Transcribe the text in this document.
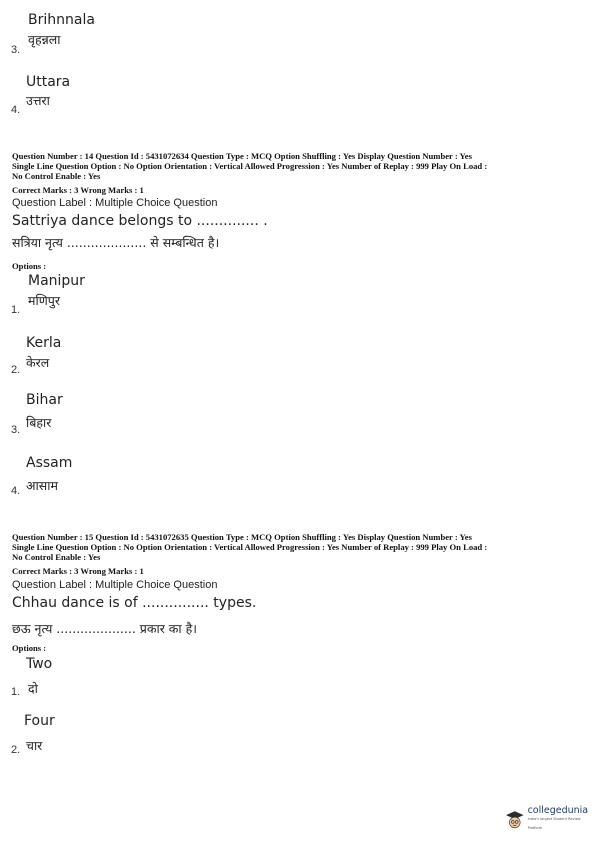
Brihnnala
वृहन्नला
3.
Uttara
उत्तरा
4.
Question Number : 14 Question Id : 5431072634 Question Type : MCQ Option Shuffling : Yes Display Question Number : Yes
Single Line Question Option : No Option Orientation : Vertical Allowed Progression : Yes Number of Replay : 999 Play On Load :
No Control Enable : Yes
Correct Marks : 3 Wrong Marks : 1
Question Label : Multiple Choice Question
Sattriya dance belongs to .............. .
सत्रिया नृत्य .................... से सम्बन्धित है।
Options :
Manipur
मणिपुर
1.
Kerla
केरल
2.
Bihar
बिहार
3.
Assam
आसाम
4.
Question Number : 15 Question Id : 5431072635 Question Type : MCQ Option Shuffling : Yes Display Question Number : Yes
Single Line Question Option : No Option Orientation : Vertical Allowed Progression : Yes Number of Replay : 999 Play On Load :
No Control Enable : Yes
Correct Marks : 3 Wrong Marks : 1
Question Label : Multiple Choice Question
Chhau dance is of ............... types.
छऊ नृत्य .................... प्रकार का है।
Options :
Two
दो
1.
Four
चार
2.
collegedunia
India's largest Student Review Platform
